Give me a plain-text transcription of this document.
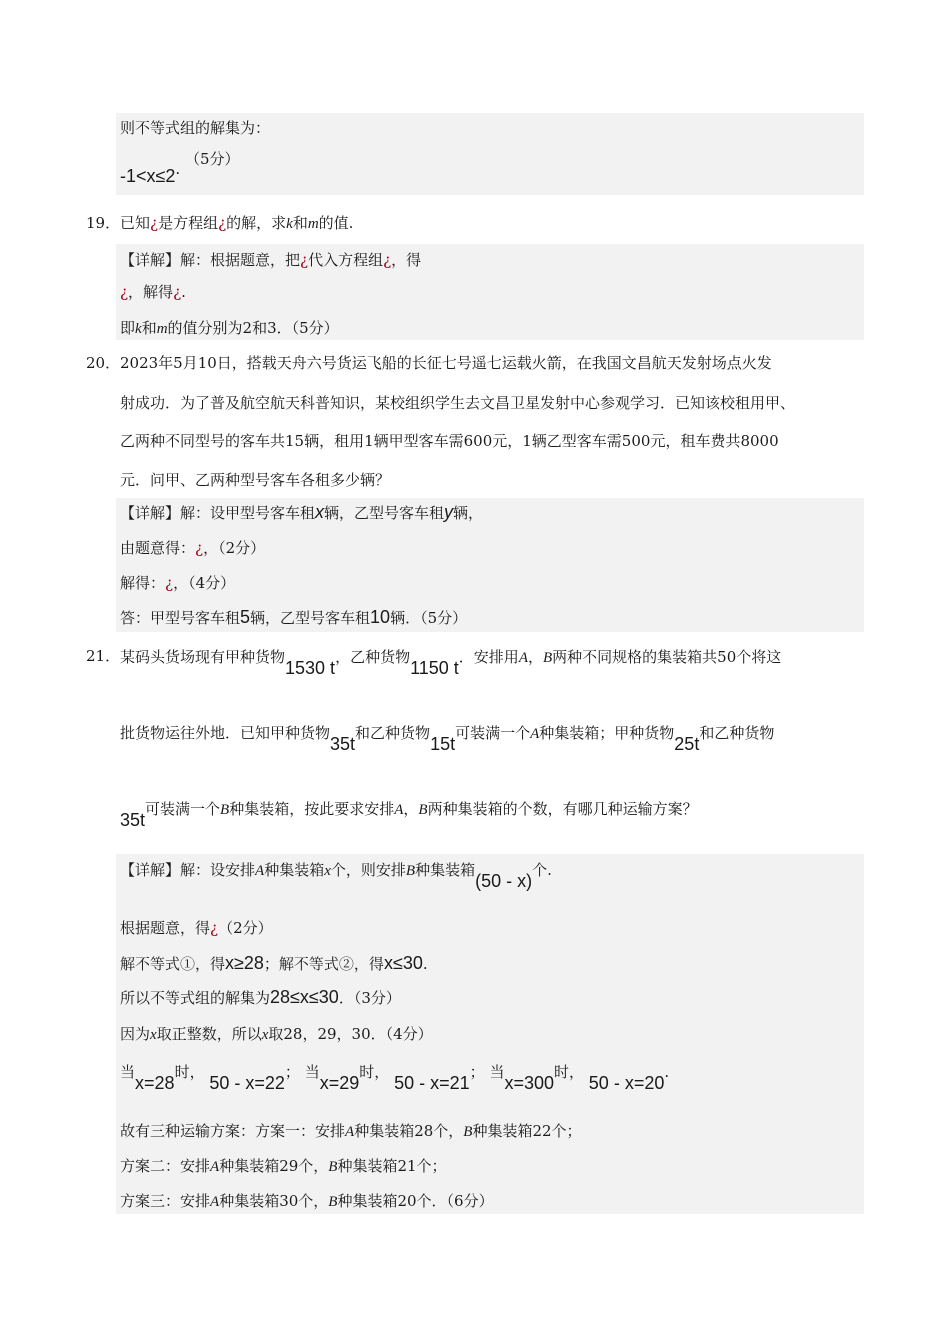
则不等式组的解集为：
-1<x≤2. （5分）
19． 已知¿是方程组¿的解，求k和m的值.
【详解】解：根据题意，把¿代入方程组¿，得
¿，解得¿.
即k和m的值分别为2和3．（5分）
20． 2023年5月10日，搭载天舟六号货运飞船的长征七号遥七运载火箭，在我国文昌航天发射场点火发
射成功．为了普及航空航天科普知识，某校组织学生去文昌卫星发射中心参观学习．已知该校租用甲、
乙两种不同型号的客车共15辆，租用1辆甲型客车需600元，1辆乙型客车需500元，租车费共8000
元．问甲、乙两种型号客车各租多少辆？
【详解】解：设甲型号客车租x辆，乙型号客车租y辆，
由题意得：¿，（2分）
解得：¿，（4分）
答：甲型号客车租5辆，乙型号客车租10辆．（5分）
21． 某码头货场现有甲种货物1530 t，乙种货物1150 t．安排用A，B两种不同规格的集装箱共50个将这
批货物运往外地．已知甲种货物35t和乙种货物15t可装满一个A种集装箱；甲种货物25t和乙种货物
35t可装满一个B种集装箱，按此要求安排A，B两种集装箱的个数，有哪几种运输方案？
【详解】解：设安排A种集装箱x个，则安排B种集装箱(50 - x)个.
根据题意，得¿（2分）
解不等式①，得x≥28；解不等式②，得x≤30.
所以不等式组的解集为28≤x≤30．（3分）
因为x取正整数，所以x取28，29，30．（4分）
当x=28时， 50 - x=22； 当x=29时， 50 - x=21； 当x=300时， 50 - x=20.
故有三种运输方案：方案一：安排A种集装箱28个，B种集装箱22个；
方案二：安排A种集装箱29个，B种集装箱21个；
方案三：安排A种集装箱30个，B种集装箱20个．（6分）
